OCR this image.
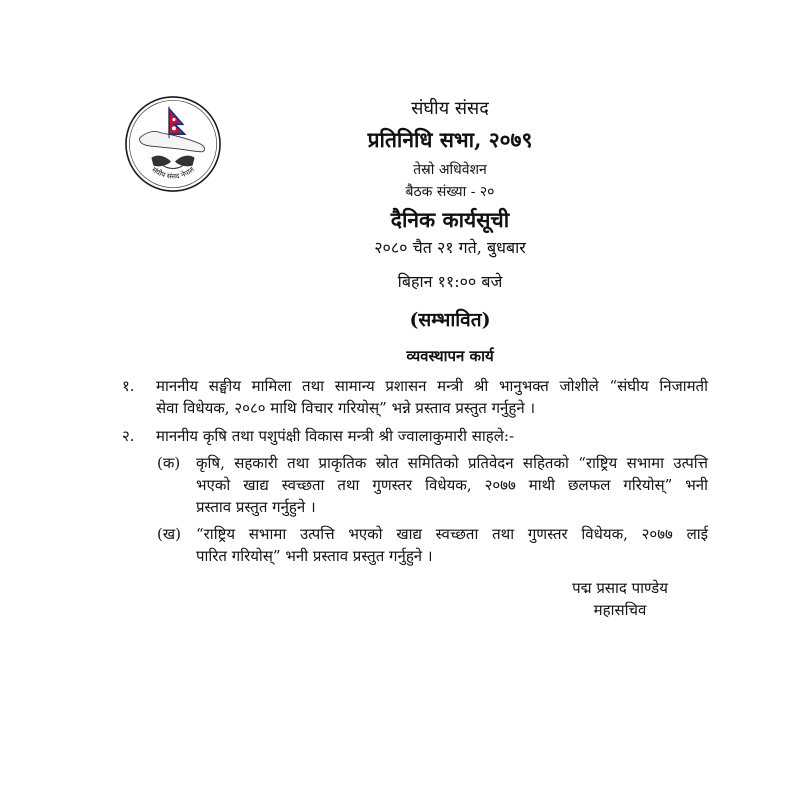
संघीय संसद नेपाल
संघीय संसद
प्रतिनिधि सभा, २०७९
तेस्रो अधिवेशन
बैठक संख्या - २०
दैनिक कार्यसूची
२०८० चैत २१ गते, बुधबार
बिहान ११:०० बजे
(सम्भावित)
व्यवस्थापन कार्य
१. माननीय सङ्घीय मामिला तथा सामान्य प्रशासन मन्त्री श्री भानुभक्त जोशीले “संघीय निजामती
सेवा विधेयक, २०८० माथि विचार गरियोस्” भन्ने प्रस्ताव प्रस्तुत गर्नुहुने ।
२. माननीय कृषि तथा पशुपंक्षी विकास मन्त्री श्री ज्वालाकुमारी साहले:-
(क) कृषि, सहकारी तथा प्राकृतिक स्रोत समितिको प्रतिवेदन सहितको “राष्ट्रिय सभामा उत्पत्ति
भएको खाद्य स्वच्छता तथा गुणस्तर विधेयक, २०७७ माथी छलफल गरियोस्” भनी
प्रस्ताव प्रस्तुत गर्नुहुने ।
(ख) “राष्ट्रिय सभामा उत्पत्ति भएको खाद्य स्वच्छता तथा गुणस्तर विधेयक, २०७७ लाई
पारित गरियोस्” भनी प्रस्ताव प्रस्तुत गर्नुहुने ।
पद्म प्रसाद पाण्डेय
महासचिव
